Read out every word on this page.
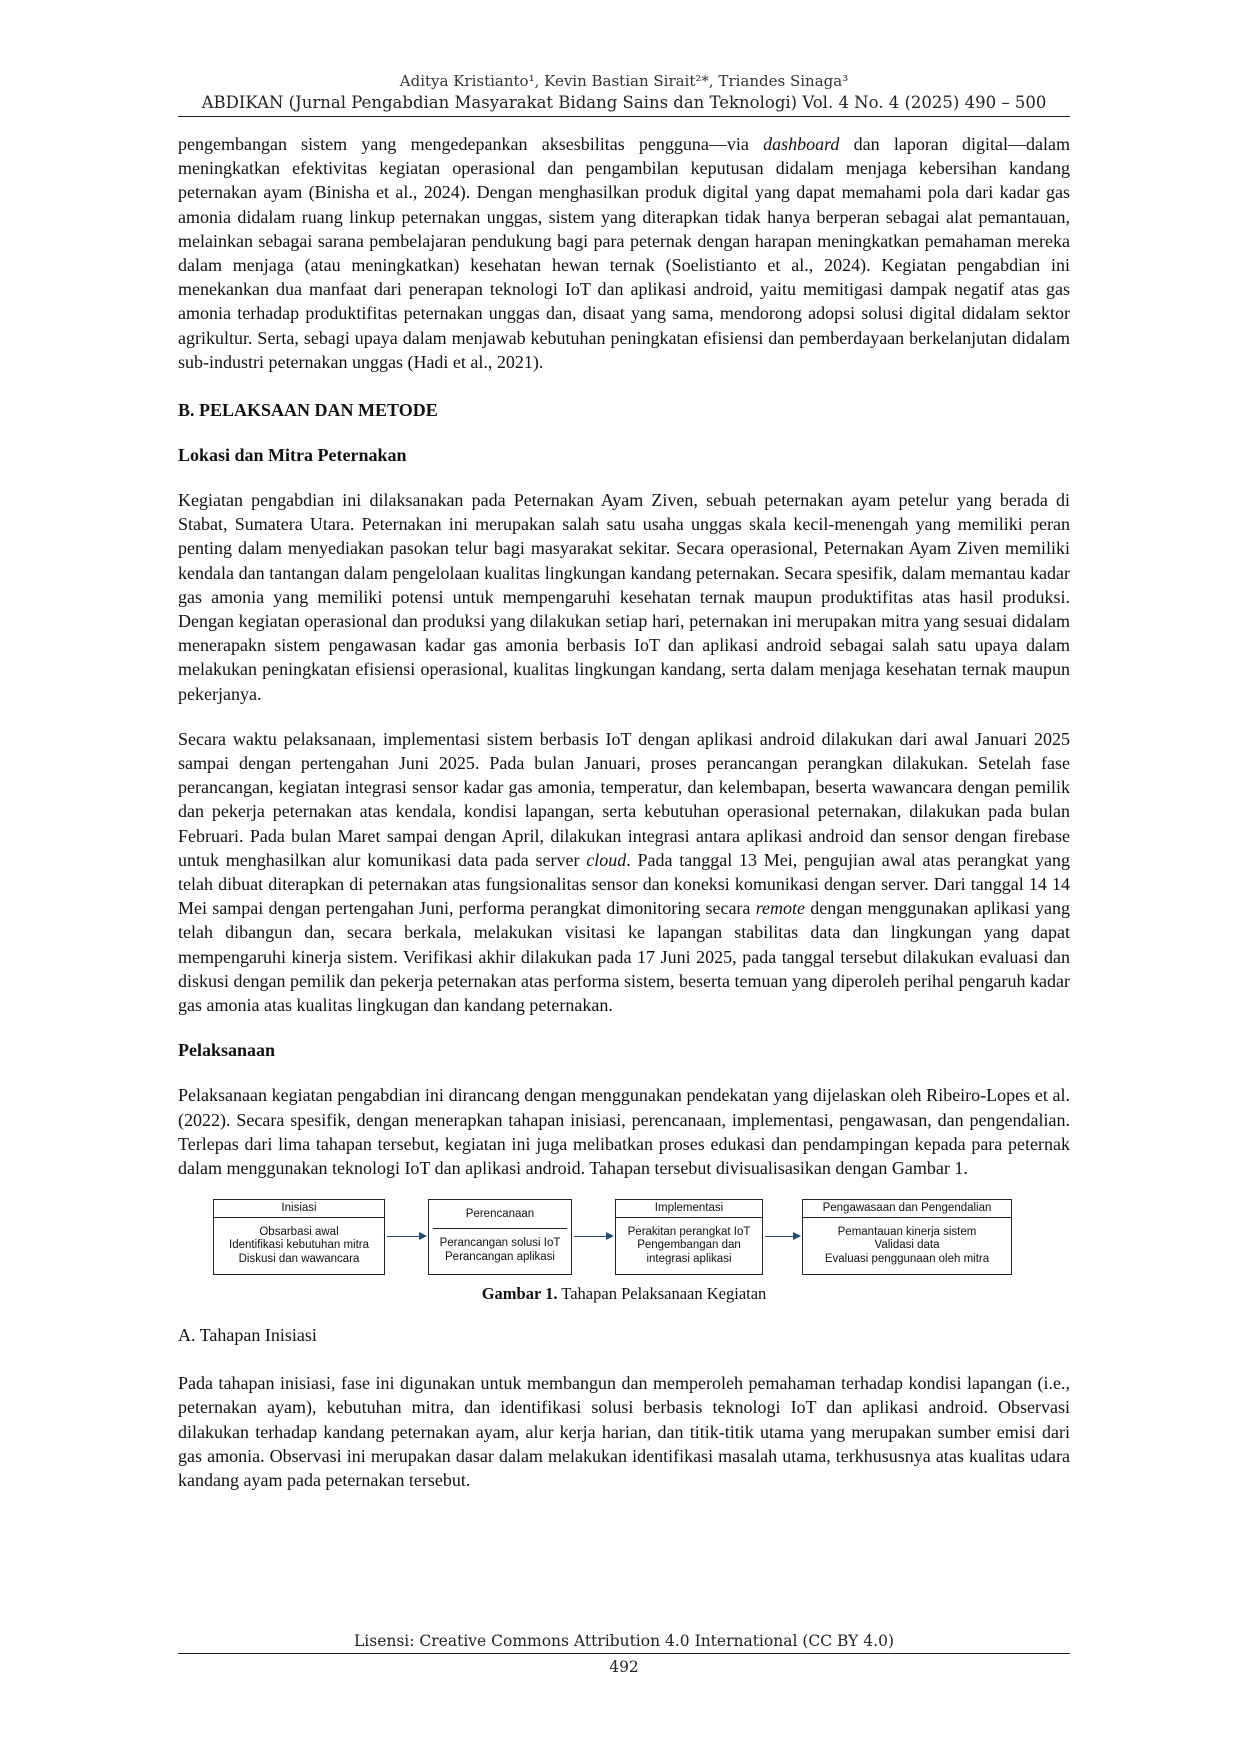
Aditya Kristianto¹, Kevin Bastian Sirait²*, Triandes Sinaga³
ABDIKAN (Jurnal Pengabdian Masyarakat Bidang Sains dan Teknologi) Vol. 4 No. 4 (2025) 490 – 500

pengembangan sistem yang mengedepankan aksesbilitas pengguna—via dashboard dan laporan digital—dalam meningkatkan efektivitas kegiatan operasional dan pengambilan keputusan didalam menjaga kebersihan kandang peternakan ayam (Binisha et al., 2024). Dengan menghasilkan produk digital yang dapat memahami pola dari kadar gas amonia didalam ruang linkup peternakan unggas, sistem yang diterapkan tidak hanya berperan sebagai alat pemantauan, melainkan sebagai sarana pembelajaran pendukung bagi para peternak dengan harapan meningkatkan pemahaman mereka dalam menjaga (atau meningkatkan) kesehatan hewan ternak (Soelistianto et al., 2024). Kegiatan pengabdian ini menekankan dua manfaat dari penerapan teknologi IoT dan aplikasi android, yaitu memitigasi dampak negatif atas gas amonia terhadap produktifitas peternakan unggas dan, disaat yang sama, mendorong adopsi solusi digital didalam sektor agrikultur. Serta, sebagi upaya dalam menjawab kebutuhan peningkatan efisiensi dan pemberdayaan berkelanjutan didalam sub-industri peternakan unggas (Hadi et al., 2021).

B. PELAKSAAN DAN METODE
Lokasi dan Mitra Peternakan

Kegiatan pengabdian ini dilaksanakan pada Peternakan Ayam Ziven, sebuah peternakan ayam petelur yang berada di Stabat, Sumatera Utara. Peternakan ini merupakan salah satu usaha unggas skala kecil-menengah yang memiliki peran penting dalam menyediakan pasokan telur bagi masyarakat sekitar. Secara operasional, Peternakan Ayam Ziven memiliki kendala dan tantangan dalam pengelolaan kualitas lingkungan kandang peternakan. Secara spesifik, dalam memantau kadar gas amonia yang memiliki potensi untuk mempengaruhi kesehatan ternak maupun produktifitas atas hasil produksi. Dengan kegiatan operasional dan produksi yang dilakukan setiap hari, peternakan ini merupakan mitra yang sesuai didalam menerapakn sistem pengawasan kadar gas amonia berbasis IoT dan aplikasi android sebagai salah satu upaya dalam melakukan peningkatan efisiensi operasional, kualitas lingkungan kandang, serta dalam menjaga kesehatan ternak maupun pekerjanya.

Secara waktu pelaksanaan, implementasi sistem berbasis IoT dengan aplikasi android dilakukan dari awal Januari 2025 sampai dengan pertengahan Juni 2025. Pada bulan Januari, proses perancangan perangkan dilakukan. Setelah fase perancangan, kegiatan integrasi sensor kadar gas amonia, temperatur, dan kelembapan, beserta wawancara dengan pemilik dan pekerja peternakan atas kendala, kondisi lapangan, serta kebutuhan operasional peternakan, dilakukan pada bulan Februari. Pada bulan Maret sampai dengan April, dilakukan integrasi antara aplikasi android dan sensor dengan firebase untuk menghasilkan alur komunikasi data pada server cloud. Pada tanggal 13 Mei, pengujian awal atas perangkat yang telah dibuat diterapkan di peternakan atas fungsionalitas sensor dan koneksi komunikasi dengan server. Dari tanggal 14 14 Mei sampai dengan pertengahan Juni, performa perangkat dimonitoring secara remote dengan menggunakan aplikasi yang telah dibangun dan, secara berkala, melakukan visitasi ke lapangan stabilitas data dan lingkungan yang dapat mempengaruhi kinerja sistem. Verifikasi akhir dilakukan pada 17 Juni 2025, pada tanggal tersebut dilakukan evaluasi dan diskusi dengan pemilik dan pekerja peternakan atas performa sistem, beserta temuan yang diperoleh perihal pengaruh kadar gas amonia atas kualitas lingkugan dan kandang peternakan.

Pelaksanaan

Pelaksanaan kegiatan pengabdian ini dirancang dengan menggunakan pendekatan yang dijelaskan oleh Ribeiro-Lopes et al. (2022). Secara spesifik, dengan menerapkan tahapan inisiasi, perencanaan, implementasi, pengawasan, dan pengendalian. Terlepas dari lima tahapan tersebut, kegiatan ini juga melibatkan proses edukasi dan pendampingan kepada para peternak dalam menggunakan teknologi IoT dan aplikasi android. Tahapan tersebut divisualisasikan dengan Gambar 1.

Inisiasi
Obsarbasi awal
Identifikasi kebutuhan mitra
Diskusi dan wawancara
Perencanaan
Perancangan solusi IoT
Perancangan aplikasi
Implementasi
Perakitan perangkat IoT
Pengembangan dan
integrasi aplikasi
Pengawasaan dan Pengendalian
Pemantauan kinerja sistem
Validasi data
Evaluasi penggunaan oleh mitra
Gambar 1. Tahapan Pelaksanaan Kegiatan
A. Tahapan Inisiasi

Pada tahapan inisiasi, fase ini digunakan untuk membangun dan memperoleh pemahaman terhadap kondisi lapangan (i.e., peternakan ayam), kebutuhan mitra, dan identifikasi solusi berbasis teknologi IoT dan aplikasi android. Observasi dilakukan terhadap kandang peternakan ayam, alur kerja harian, dan titik-titik utama yang merupakan sumber emisi dari gas amonia. Observasi ini merupakan dasar dalam melakukan identifikasi masalah utama, terkhususnya atas kualitas udara kandang ayam pada peternakan tersebut.

Lisensi: Creative Commons Attribution 4.0 International (CC BY 4.0)
492
